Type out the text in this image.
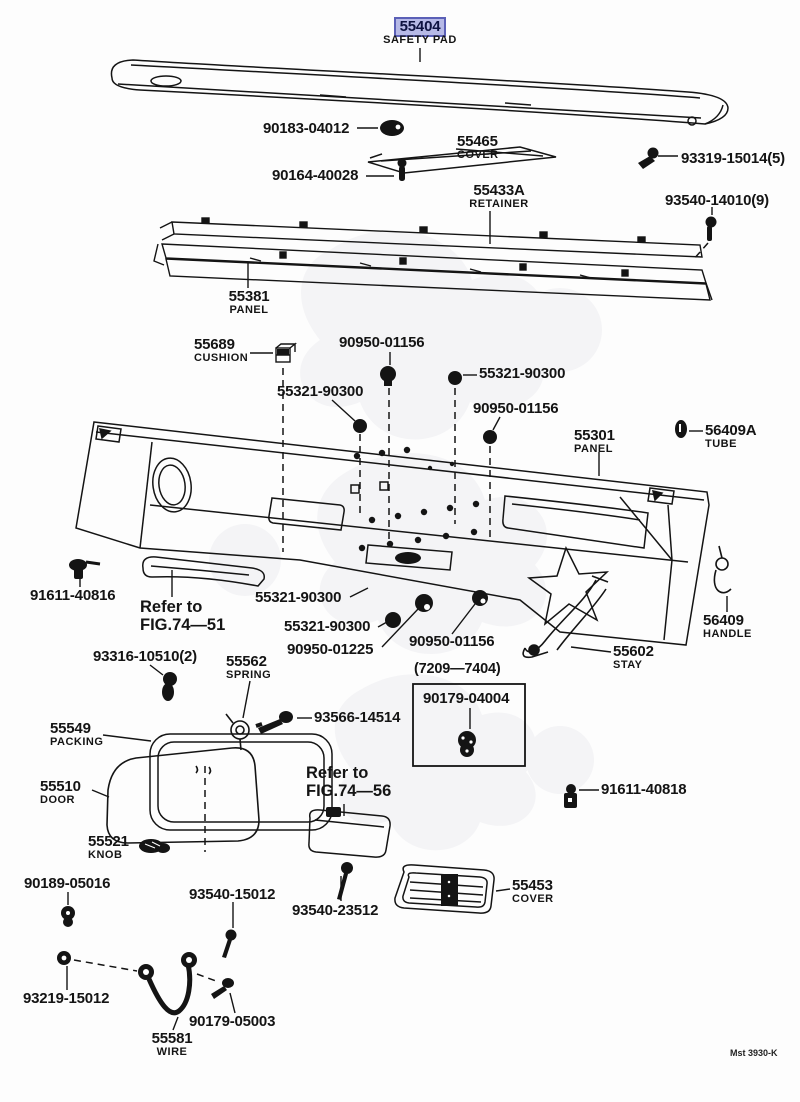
55404
SAFETY PAD
90183-04012
55465
COVER
90164-40028
93319-15014(5)
55433A
RETAINER	93540-14010(9)
55381
PANEL
55689
CUSHION
90950-01156
55321-90300
55321-90300
90950-01156
55301
PANEL
56409A
TUBE
91611-40816
Refer to
FIG.74—51
55321-90300
55321-90300
90950-01225 90950-01156
56409
HANDLE
55602
STAY
93316-10510(2) 55562
SPRING	(7209—7404)
90179-04004
93566-14514
55549
PACKING
55510
DOOR
Refer to
FIG.74—56	91611-40818
55521
KNOB
90189-05016
93540-15012
93540-23512
55453
COVER
93219-15012
90179-05003
55581
WIRE	Mst 3930-K
